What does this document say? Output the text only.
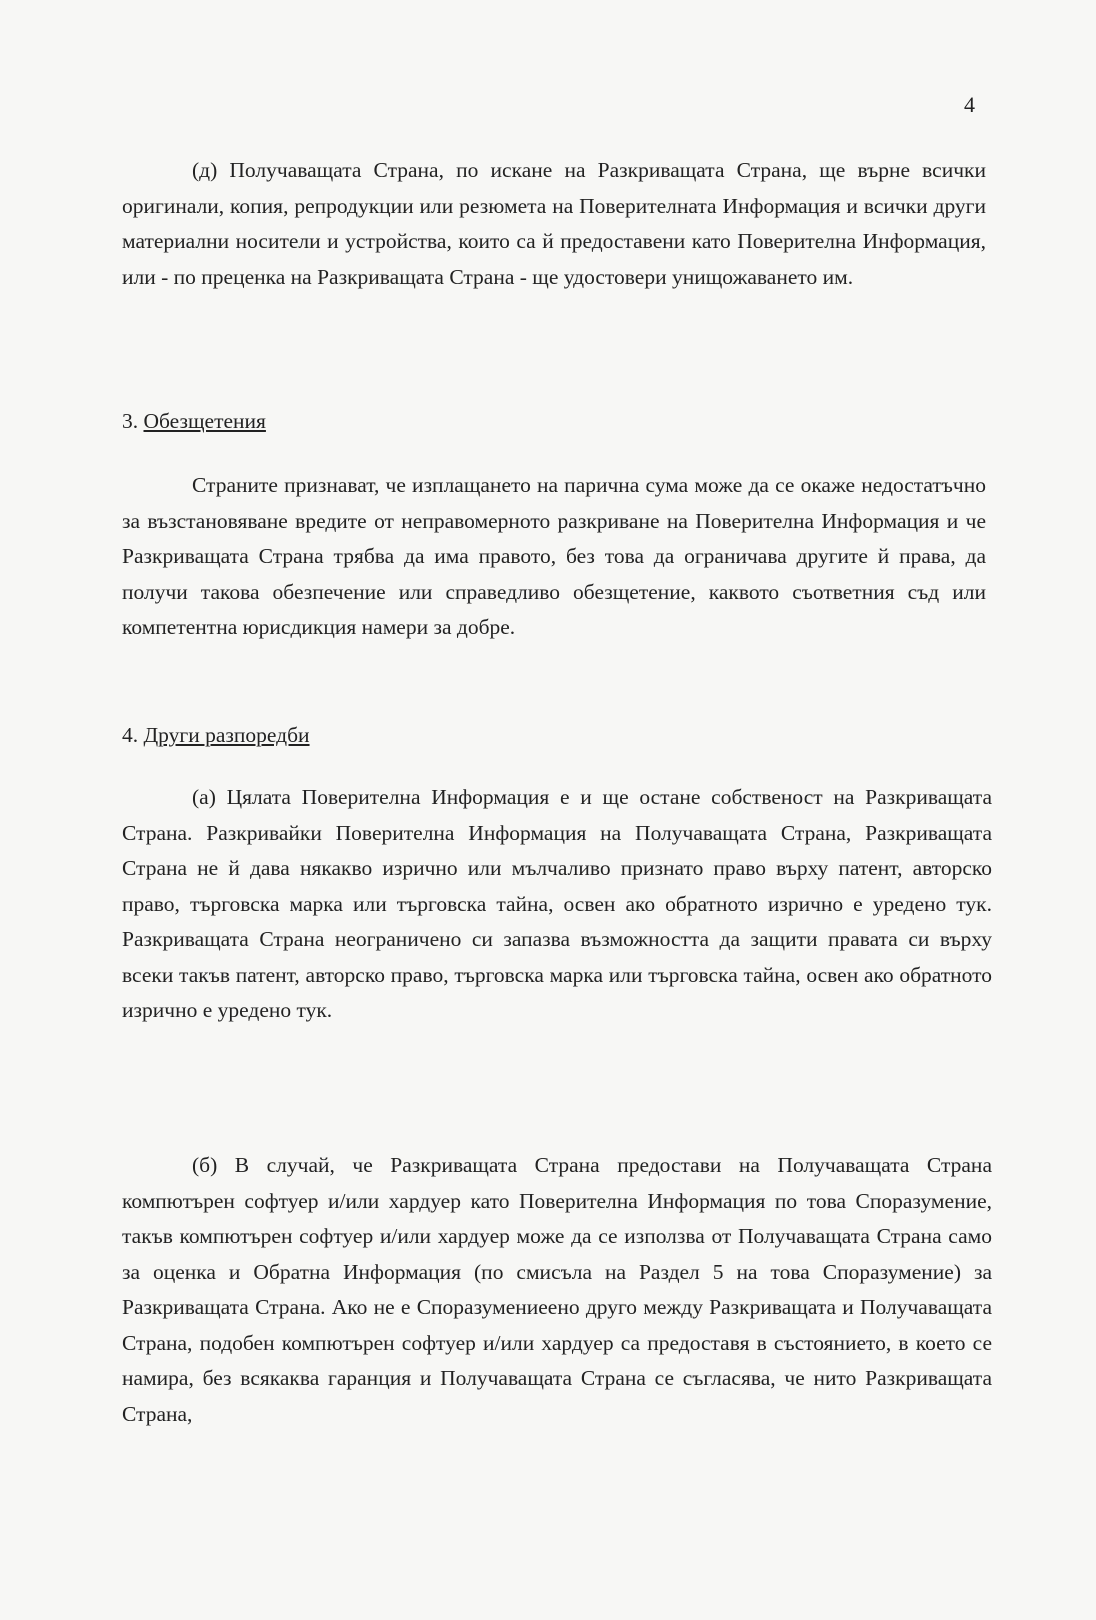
4

(д) Получаващата Страна, по искане на Разкриващата Страна, ще върне всички оригинали, копия, репродукции или резюмета на Поверителната Информация и всички други материални носители и устройства, които са й предоставени като Поверителна Информация, или - по преценка на Разкриващата Страна - ще удостовери унищожаването им.

3. Обезщетения

Страните признават, че изплащането на парична сума може да се окаже недостатъчно за възстановяване вредите от неправомерното разкриване на Поверителна Информация и че Разкриващата Страна трябва да има правото, без това да ограничава другите й права, да получи такова обезпечение или справедливо обезщетение, каквото съответния съд или компетентна юрисдикция намери за добре.

4. Други разпоредби

(а) Цялата Поверителна Информация е и ще остане собственост на Разкриващата Страна. Разкривайки Поверителна Информация на Получаващата Страна, Разкриващата Страна не й дава някакво изрично или мълчаливо признато право върху патент, авторско право, търговска марка или търговска тайна, освен ако обратното изрично е уредено тук. Разкриващата Страна неограничено си запазва възможността да защити правата си върху всеки такъв патент, авторско право, търговска марка или търговска тайна, освен ако обратното изрично е уредено тук.

(б) В случай, че Разкриващата Страна предостави на Получаващата Страна компютърен софтуер и/или хардуер като Поверителна Информация по това Споразумение, такъв компютърен софтуер и/или хардуер може да се използва от Получаващата Страна само за оценка и Обратна Информация (по смисъла на Раздел 5 на това Споразумение) за Разкриващата Страна. Ако не е Споразумениеено друго между Разкриващата и Получаващата Страна, подобен компютърен софтуер и/или хардуер са предоставя в състоянието, в което се намира, без всякаква гаранция и Получаващата Страна се съгласява, че нито Разкриващата Страна,
